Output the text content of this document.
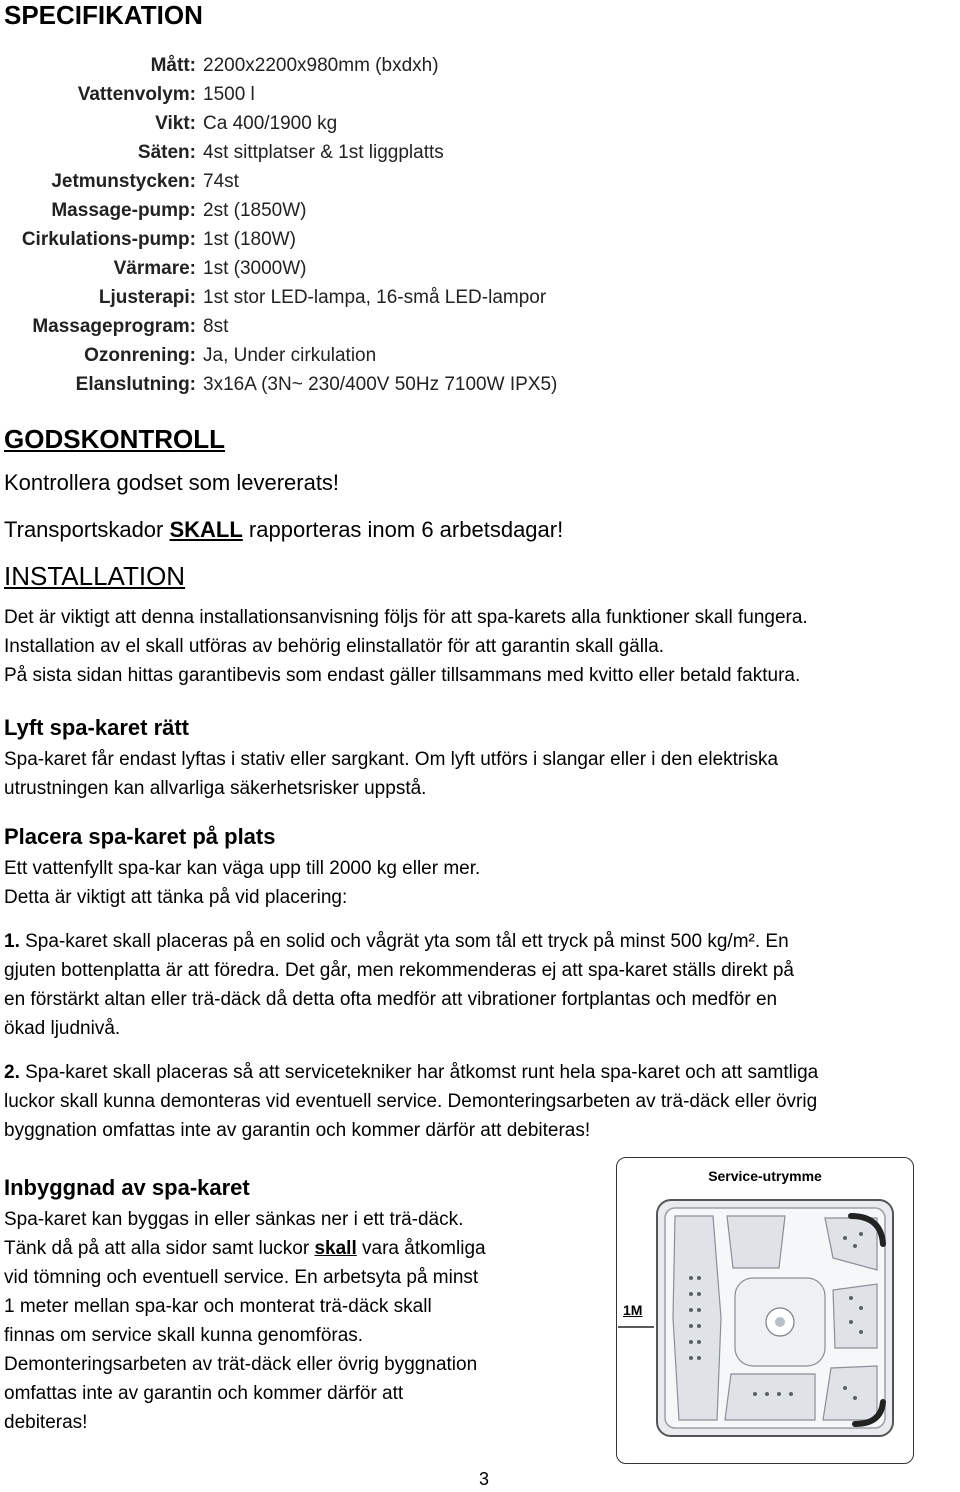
SPECIFIKATION
Mått: 2200x2200x980mm (bxdxh)
Vattenvolym: 1500 l
Vikt: Ca 400/1900 kg
Säten: 4st sittplatser & 1st liggplatts
Jetmunstycken: 74st
Massage-pump: 2st (1850W)
Cirkulations-pump: 1st (180W)
Värmare: 1st (3000W)
Ljusterapi: 1st stor LED-lampa, 16-små LED-lampor
Massageprogram: 8st
Ozonrening: Ja, Under cirkulation
Elanslutning: 3x16A (3N~ 230/400V 50Hz 7100W IPX5)
GODSKONTROLL
Kontrollera godset som levererats!
Transportskador SKALL rapporteras inom 6 arbetsdagar!
INSTALLATION
Det är viktigt att denna installationsanvisning följs för att spa-karets alla funktioner skall fungera.
Installation av el skall utföras av behörig elinstallatör för att garantin skall gälla.
På sista sidan hittas garantibevis som endast gäller tillsammans med kvitto eller betald faktura.
Lyft spa-karet rätt
Spa-karet får endast lyftas i stativ eller sargkant. Om lyft utförs i slangar eller i den elektriska
utrustningen kan allvarliga säkerhetsrisker uppstå.
Placera spa-karet på plats
Ett vattenfyllt spa-kar kan väga upp till 2000 kg eller mer.
Detta är viktigt att tänka på vid placering:
1. Spa-karet skall placeras på en solid och vågrät yta som tål ett tryck på minst 500 kg/m². En
gjuten bottenplatta är att föredra. Det går, men rekommenderas ej att spa-karet ställs direkt på
en förstärkt altan eller trä-däck då detta ofta medför att vibrationer fortplantas och medför en
ökad ljudnivå.
2. Spa-karet skall placeras så att servicetekniker har åtkomst runt hela spa-karet och att samtliga
luckor skall kunna demonteras vid eventuell service. Demonteringsarbeten av trä-däck eller övrig
byggnation omfattas inte av garantin och kommer därför att debiteras!
Inbyggnad av spa-karet
Spa-karet kan byggas in eller sänkas ner i ett trä-däck.
Tänk då på att alla sidor samt luckor skall vara åtkomliga
vid tömning och eventuell service. En arbetsyta på minst
1 meter mellan spa-kar och monterat trä-däck skall
finnas om service skall kunna genomföras.
Demonteringsarbeten av trät-däck eller övrig byggnation
omfattas inte av garantin och kommer därför att
debiteras!
Service-utrymme
1M
3
